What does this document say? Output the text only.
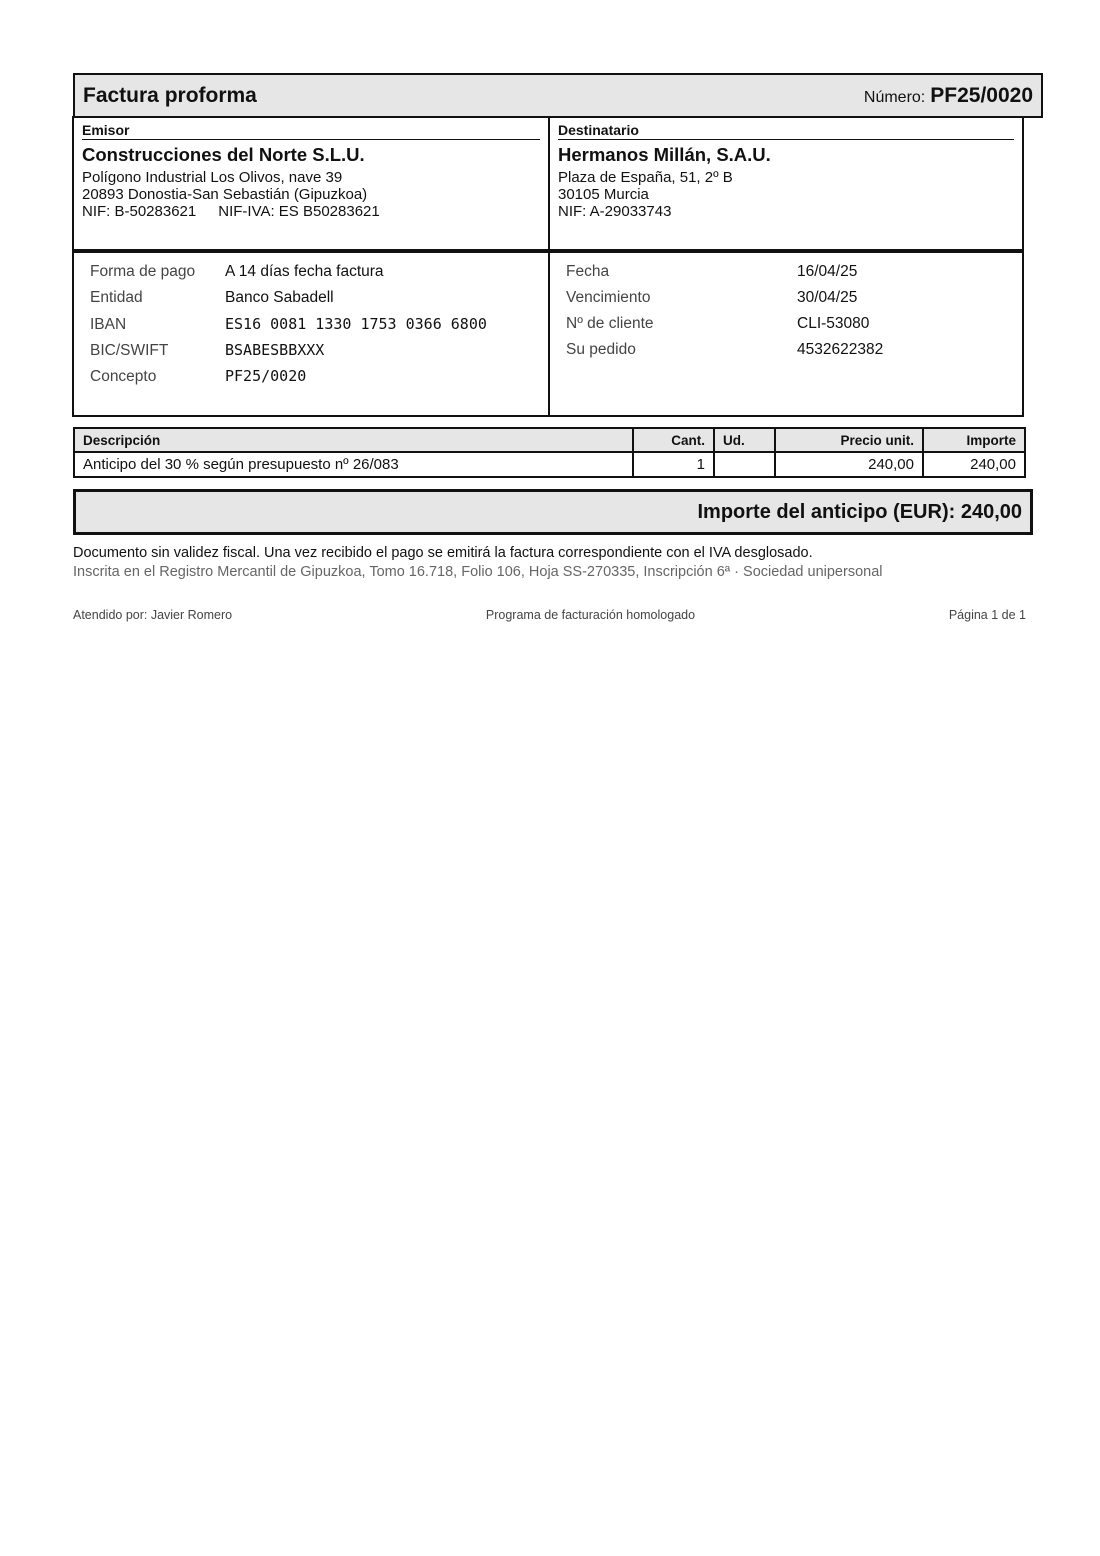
Factura proforma	Número: PF25/0020
Emisor
Construcciones del Norte S.L.U.
Polígono Industrial Los Olivos, nave 39
20893 Donostia-San Sebastián (Gipuzkoa)
NIF: B-50283621 NIF-IVA: ES B50283621
Destinatario
Hermanos Millán, S.A.U.
Plaza de España, 51, 2º B
30105 Murcia
NIF: A-29033743
Forma de pago	A 14 días fecha factura
Entidad	Banco Sabadell
IBAN	ES16 0081 1330 1753 0366 6800
BIC/SWIFT	BSABESBBXXX
Concepto	PF25/0020
Fecha	16/04/25
Vencimiento	30/04/25
Nº de cliente	CLI-53080
Su pedido	4532622382
Descripción	Cant.	Ud.	Precio unit.	Importe
Anticipo del 30 % según presupuesto nº 26/083	1		240,00	240,00
Importe del anticipo (EUR): 240,00
Documento sin validez fiscal. Una vez recibido el pago se emitirá la factura correspondiente con el IVA desglosado.
Inscrita en el Registro Mercantil de Gipuzkoa, Tomo 16.718, Folio 106, Hoja SS-270335, Inscripción 6ª · Sociedad unipersonal
Atendido por: Javier Romero	Programa de facturación homologado	Página 1 de 1
